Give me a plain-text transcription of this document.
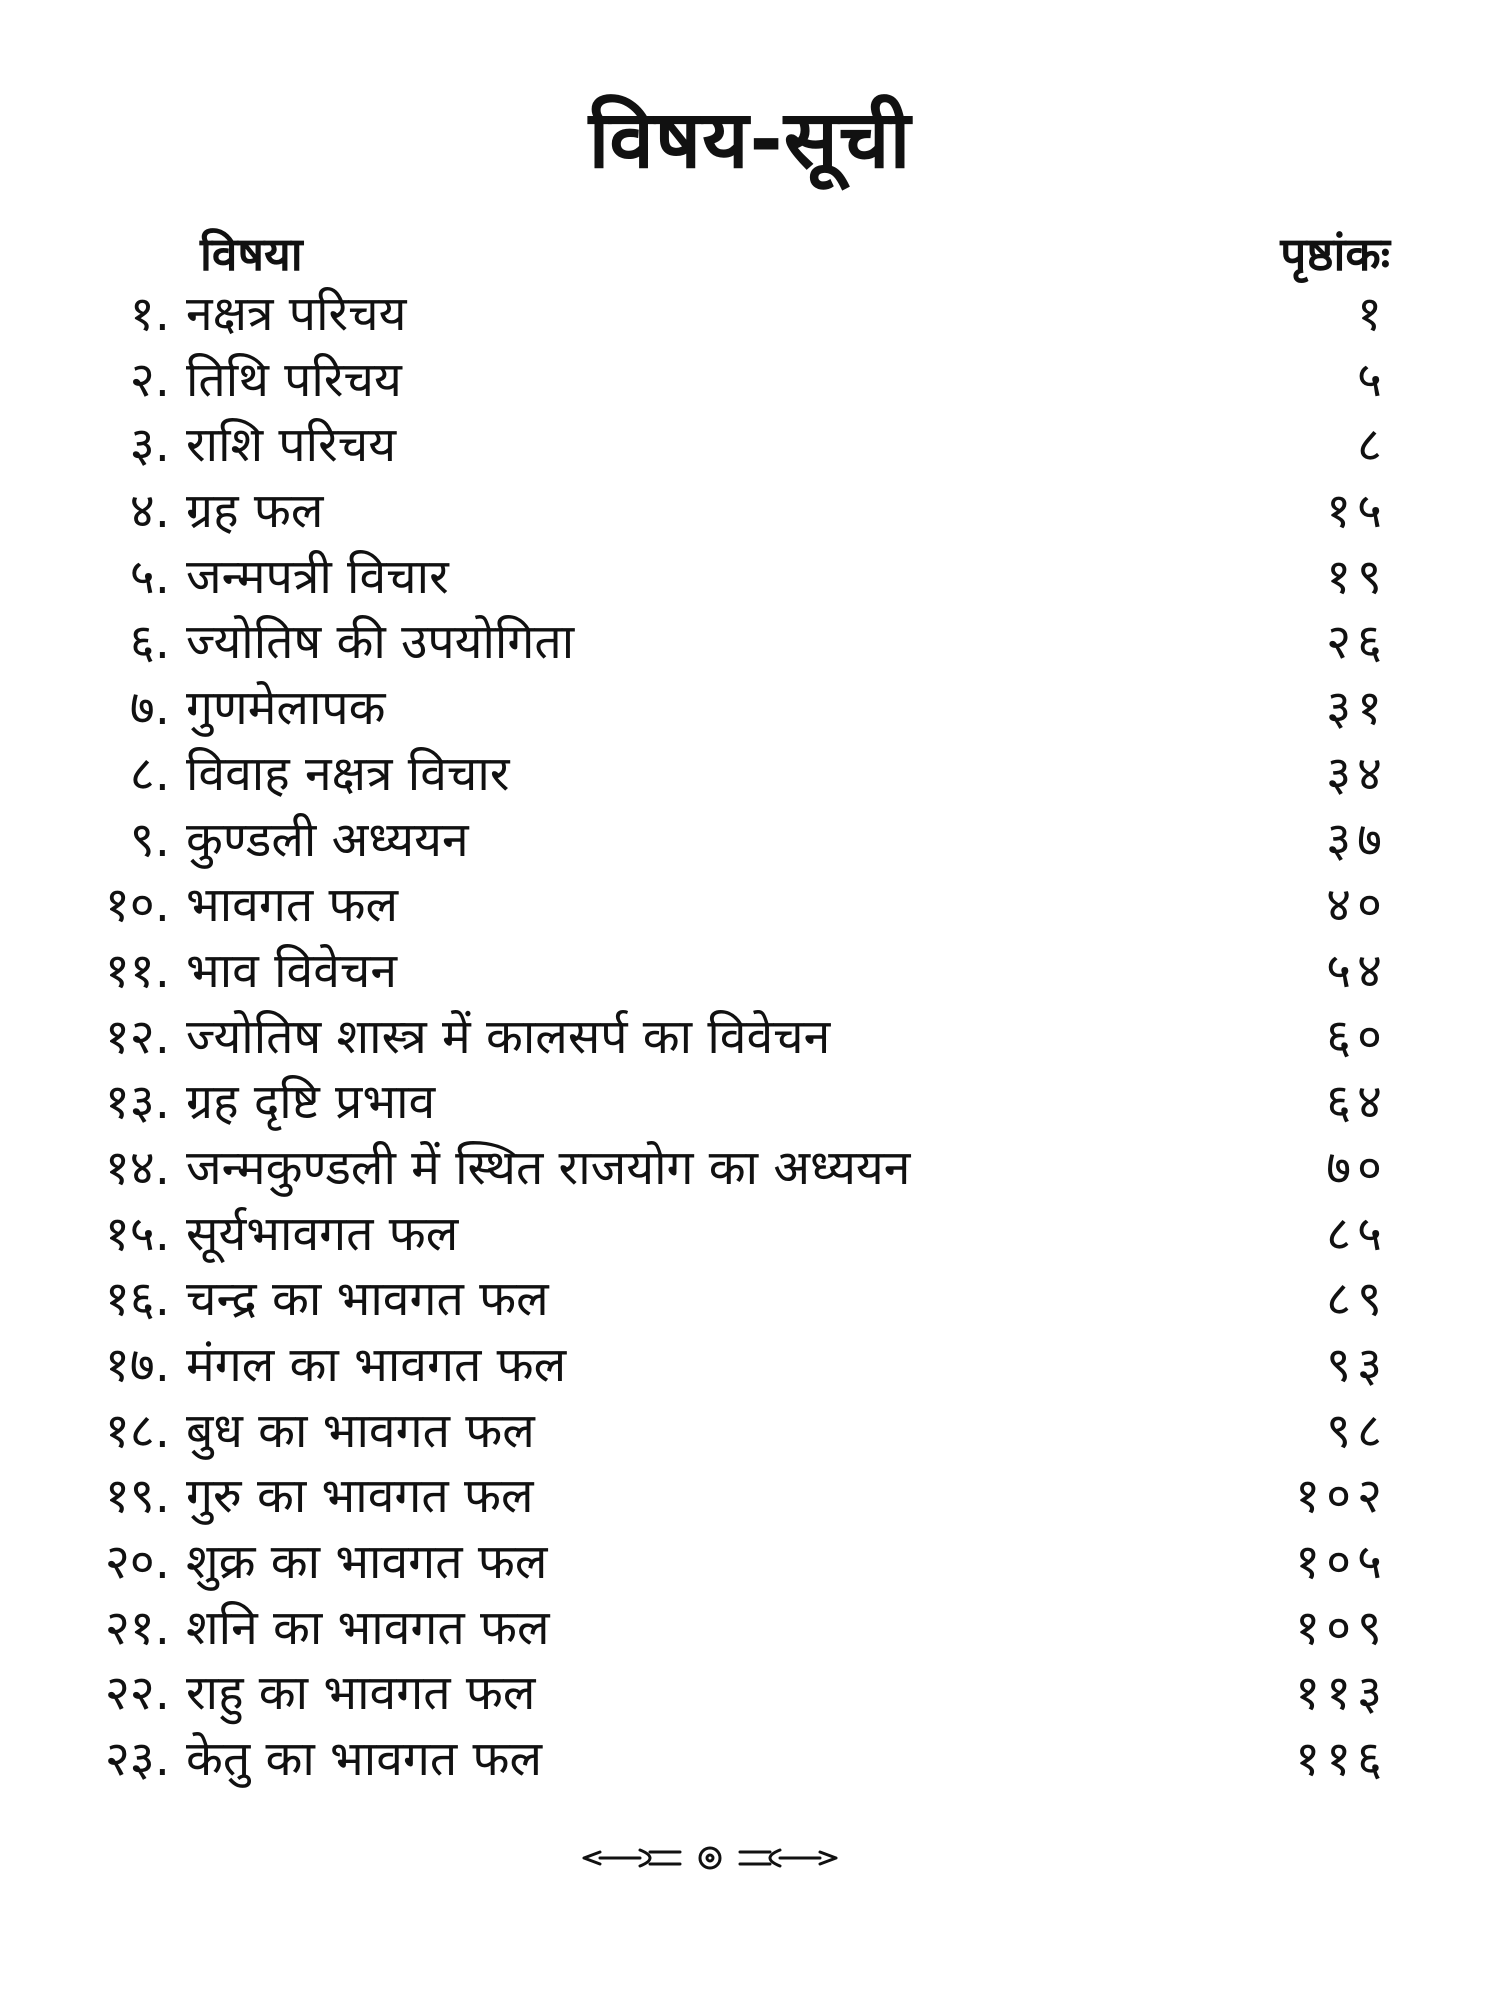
विषय-सूची
विषया	पृष्ठांकः
१. नक्षत्र परिचय	१
२. तिथि परिचय	५
३. राशि परिचय	८
४. ग्रह फल	१५
५. जन्मपत्री विचार	१९
६. ज्योतिष की उपयोगिता	२६
७. गुणमेलापक	३१
८. विवाह नक्षत्र विचार	३४
९. कुण्डली अध्ययन	३७
१०. भावगत फल	४०
११. भाव विवेचन	५४
१२. ज्योतिष शास्त्र में कालसर्प का विवेचन	६०
१३. ग्रह दृष्टि प्रभाव	६४
१४. जन्मकुण्डली में स्थित राजयोग का अध्ययन	७०
१५. सूर्यभावगत फल	८५
१६. चन्द्र का भावगत फल	८९
१७. मंगल का भावगत फल	९३
१८. बुध का भावगत फल	९८
१९. गुरु का भावगत फल	१०२
२०. शुक्र का भावगत फल	१०५
२१. शनि का भावगत फल	१०९
२२. राहु का भावगत फल	११३
२३. केतु का भावगत फल	११६
